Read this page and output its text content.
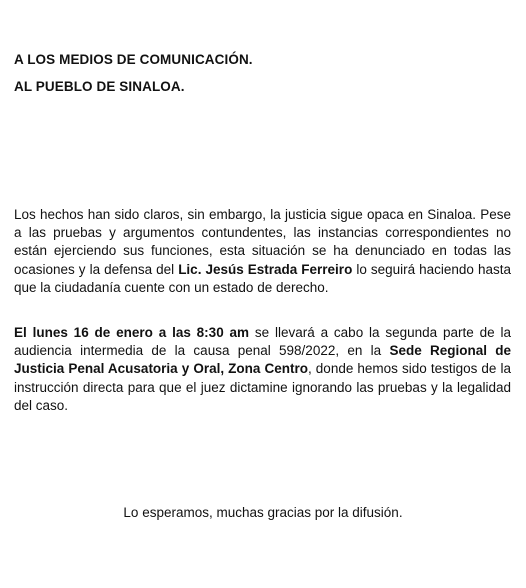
A LOS MEDIOS DE COMUNICACIÓN.

AL PUEBLO DE SINALOA.

Los hechos han sido claros, sin embargo, la justicia sigue opaca en Sinaloa. Pese a las pruebas y argumentos contundentes, las instancias correspondientes no están ejerciendo sus funciones, esta situación se ha denunciado en todas las ocasiones y la defensa del Lic. Jesús Estrada Ferreiro lo seguirá haciendo hasta que la ciudadanía cuente con un estado de derecho.

El lunes 16 de enero a las 8:30 am se llevará a cabo la segunda parte de la audiencia intermedia de la causa penal 598/2022, en la Sede Regional de Justicia Penal Acusatoria y Oral, Zona Centro, donde hemos sido testigos de la instrucción directa para que el juez dictamine ignorando las pruebas y la legalidad del caso.

Lo esperamos, muchas gracias por la difusión.
